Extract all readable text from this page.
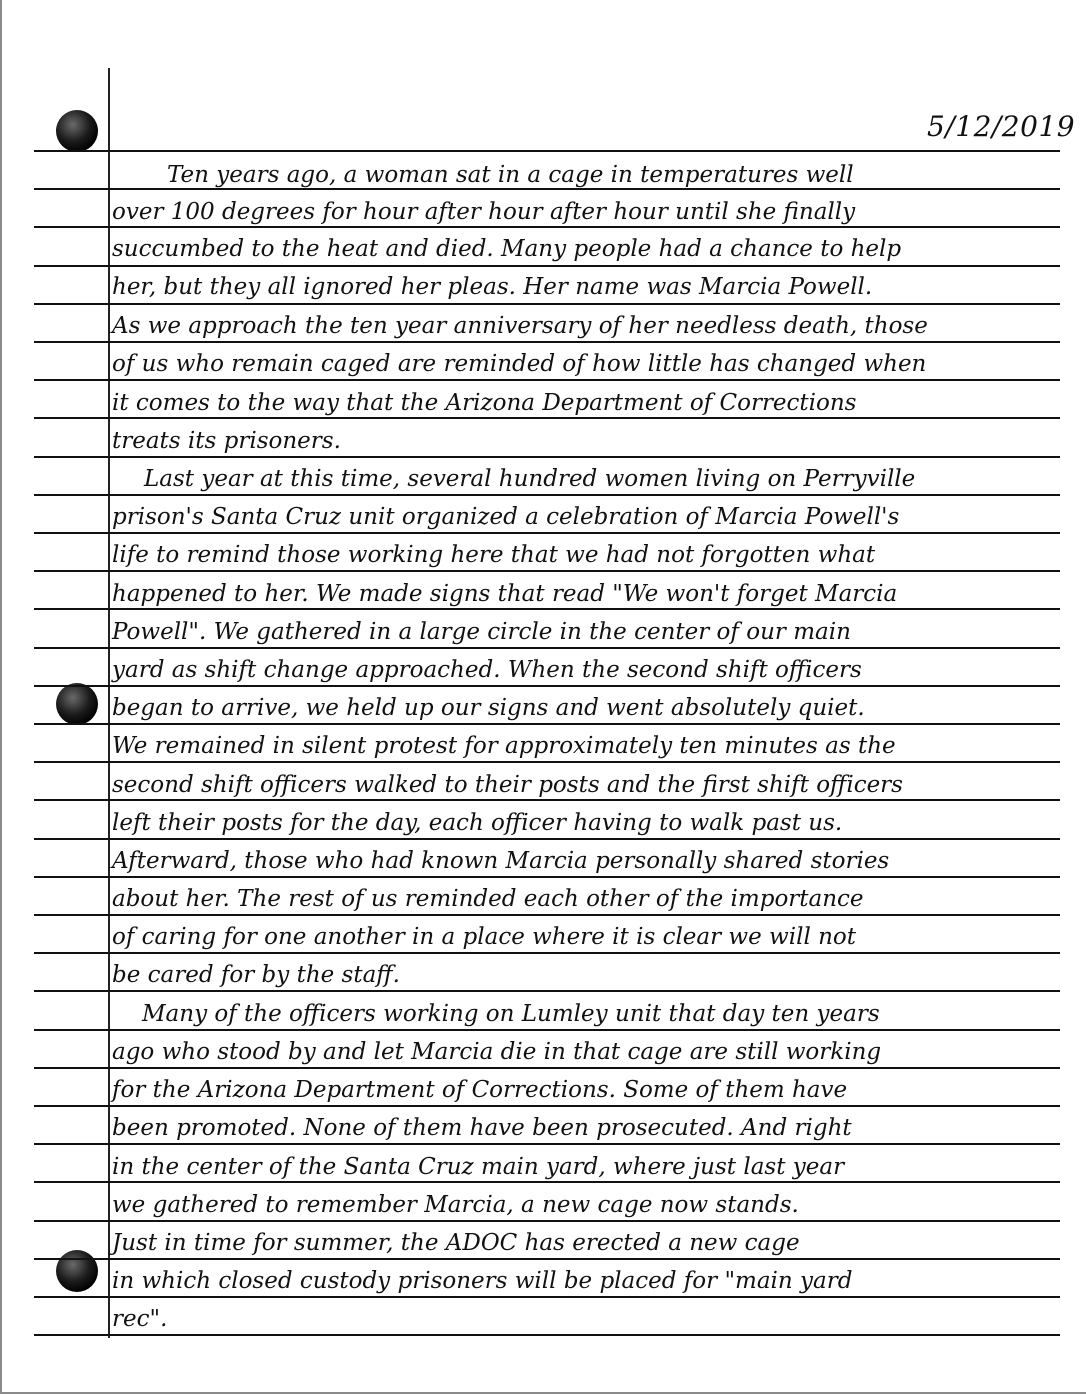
5/12/2019
Ten years ago, a woman sat in a cage in temperatures well
over 100 degrees for hour after hour after hour until she finally
succumbed to the heat and died. Many people had a chance to help
her, but they all ignored her pleas. Her name was Marcia Powell.
As we approach the ten year anniversary of her needless death, those
of us who remain caged are reminded of how little has changed when
it comes to the way that the Arizona Department of Corrections
treats its prisoners.
Last year at this time, several hundred women living on Perryville
prison's Santa Cruz unit organized a celebration of Marcia Powell's
life to remind those working here that we had not forgotten what
happened to her. We made signs that read "We won't forget Marcia
Powell". We gathered in a large circle in the center of our main
yard as shift change approached. When the second shift officers
began to arrive, we held up our signs and went absolutely quiet.
We remained in silent protest for approximately ten minutes as the
second shift officers walked to their posts and the first shift officers
left their posts for the day, each officer having to walk past us.
Afterward, those who had known Marcia personally shared stories
about her. The rest of us reminded each other of the importance
of caring for one another in a place where it is clear we will not
be cared for by the staff.
Many of the officers working on Lumley unit that day ten years
ago who stood by and let Marcia die in that cage are still working
for the Arizona Department of Corrections. Some of them have
been promoted. None of them have been prosecuted. And right
in the center of the Santa Cruz main yard, where just last year
we gathered to remember Marcia, a new cage now stands.
Just in time for summer, the ADOC has erected a new cage
in which closed custody prisoners will be placed for "main yard
rec".
